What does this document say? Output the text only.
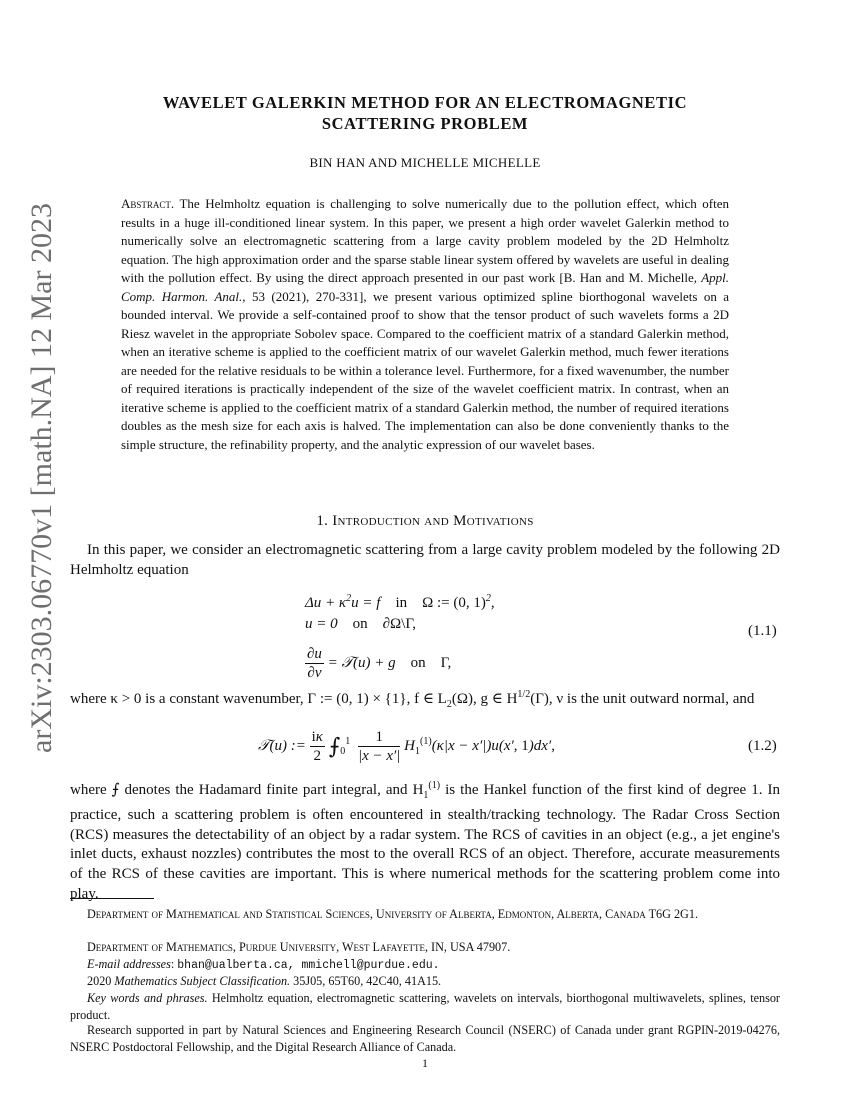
arXiv:2303.06770v1 [math.NA] 12 Mar 2023
WAVELET GALERKIN METHOD FOR AN ELECTROMAGNETIC
SCATTERING PROBLEM
BIN HAN AND MICHELLE MICHELLE
Abstract. The Helmholtz equation is challenging to solve numerically due to the pollution effect, which often results in a huge ill-conditioned linear system. In this paper, we present a high order wavelet Galerkin method to numerically solve an electromagnetic scattering from a large cavity problem modeled by the 2D Helmholtz equation. The high approximation order and the sparse stable linear system offered by wavelets are useful in dealing with the pollution effect. By using the direct approach presented in our past work [B. Han and M. Michelle, Appl. Comp. Harmon. Anal., 53 (2021), 270-331], we present various optimized spline biorthogonal wavelets on a bounded interval. We provide a self-contained proof to show that the tensor product of such wavelets forms a 2D Riesz wavelet in the appropriate Sobolev space. Compared to the coefficient matrix of a standard Galerkin method, when an iterative scheme is applied to the coefficient matrix of our wavelet Galerkin method, much fewer iterations are needed for the relative residuals to be within a tolerance level. Furthermore, for a fixed wavenumber, the number of required iterations is practically independent of the size of the wavelet coefficient matrix. In contrast, when an iterative scheme is applied to the coefficient matrix of a standard Galerkin method, the number of required iterations doubles as the mesh size for each axis is halved. The implementation can also be done conveniently thanks to the simple structure, the refinability property, and the analytic expression of our wavelet bases.
1. Introduction and Motivations
In this paper, we consider an electromagnetic scattering from a large cavity problem modeled by the following 2D Helmholtz equation
$\Delta u + \kappa^2u = f$    in Ω := (0, 1)$^2$,
u = 0    on ∂Ω\Γ,
$\frac{\partial u}{\partial\nu}$ = 𝒯(u) + g    on Γ,
(1.1)
where κ > 0 is a constant wavenumber, Γ := (0, 1) × {1}, f ∈ $L_2(\Omega)$, g ∈ $H^{1/2}(\Gamma)$, ν is the unit outward normal, and
𝒯(u) := $\frac{i\kappa}{2}$ $⨍_0^1 \frac{1}{|x - x'|} H_1^{(1)}(\kappa|x - x'|)u(x'$, 1)dx′,	(1.2)
where ⨍ denotes the Hadamard finite part integral, and $H_1^{(1)}$ is the Hankel function of the first kind of degree 1. In practice, such a scattering problem is often encountered in stealth/tracking technology. The Radar Cross Section (RCS) measures the detectability of an object by a radar system. The RCS of cavities in an object (e.g., a jet engine's inlet ducts, exhaust nozzles) contributes the most to the overall RCS of an object. Therefore, accurate measurements of the RCS of these cavities are important. This is where numerical methods for the scattering problem come into play.
Department of Mathematical and Statistical Sciences, University of Alberta, Edmonton, Alberta, Canada T6G 2G1.
Department of Mathematics, Purdue University, West Lafayette, IN, USA 47907.
E-mail addresses: bhan@ualberta.ca, mmichell@purdue.edu.
2020 Mathematics Subject Classification. 35J05, 65T60, 42C40, 41A15.
Key words and phrases. Helmholtz equation, electromagnetic scattering, wavelets on intervals, biorthogonal multiwavelets, splines, tensor product.
Research supported in part by Natural Sciences and Engineering Research Council (NSERC) of Canada under grant RGPIN-2019-04276, NSERC Postdoctoral Fellowship, and the Digital Research Alliance of Canada.
1
